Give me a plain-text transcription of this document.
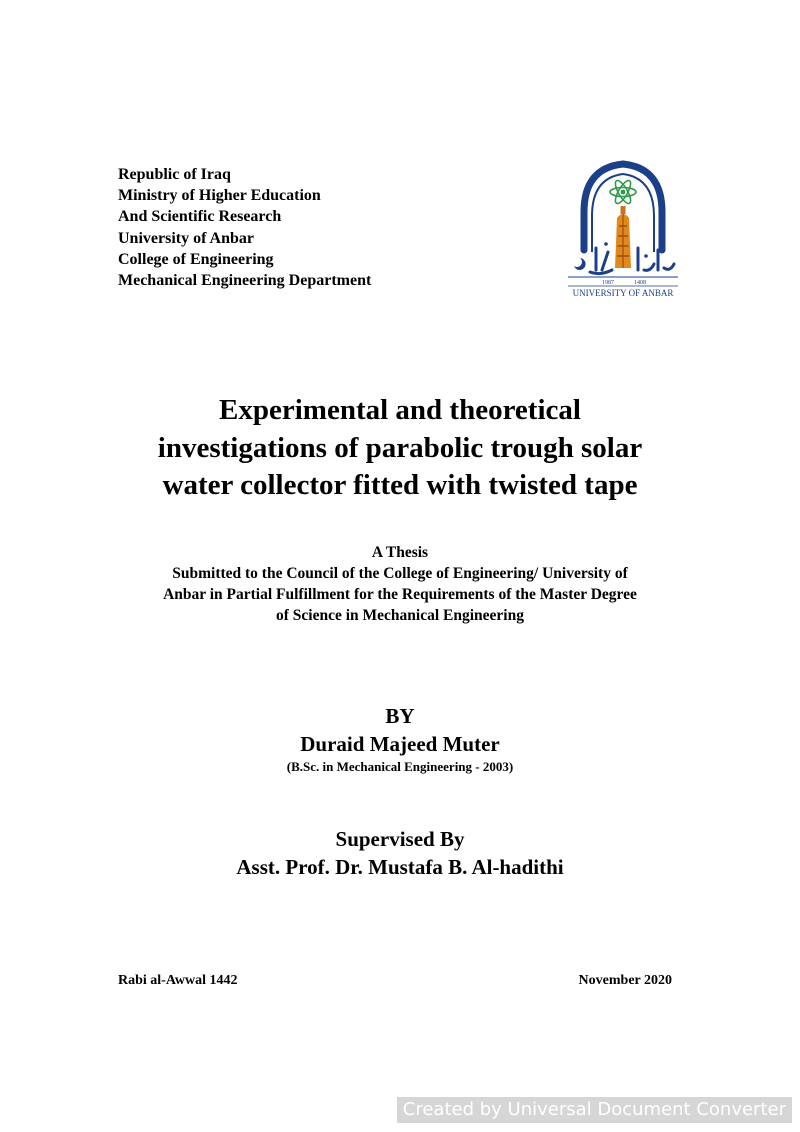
Republic of Iraq
Ministry of Higher Education
And Scientific Research
University of Anbar
College of Engineering
Mechanical Engineering Department	1987	1408
UNIVERSITY OF ANBAR
Experimental and theoretical
investigations of parabolic trough solar
water collector fitted with twisted tape
A Thesis
Submitted to the Council of the College of Engineering/ University of
Anbar in Partial Fulfillment for the Requirements of the Master Degree
of Science in Mechanical Engineering
BY
Duraid Majeed Muter
(B.Sc. in Mechanical Engineering - 2003)
Supervised By
Asst. Prof. Dr. Mustafa B. Al-hadithi
Rabi al-Awwal 1442	November 2020
Created by Universal Document Converter
